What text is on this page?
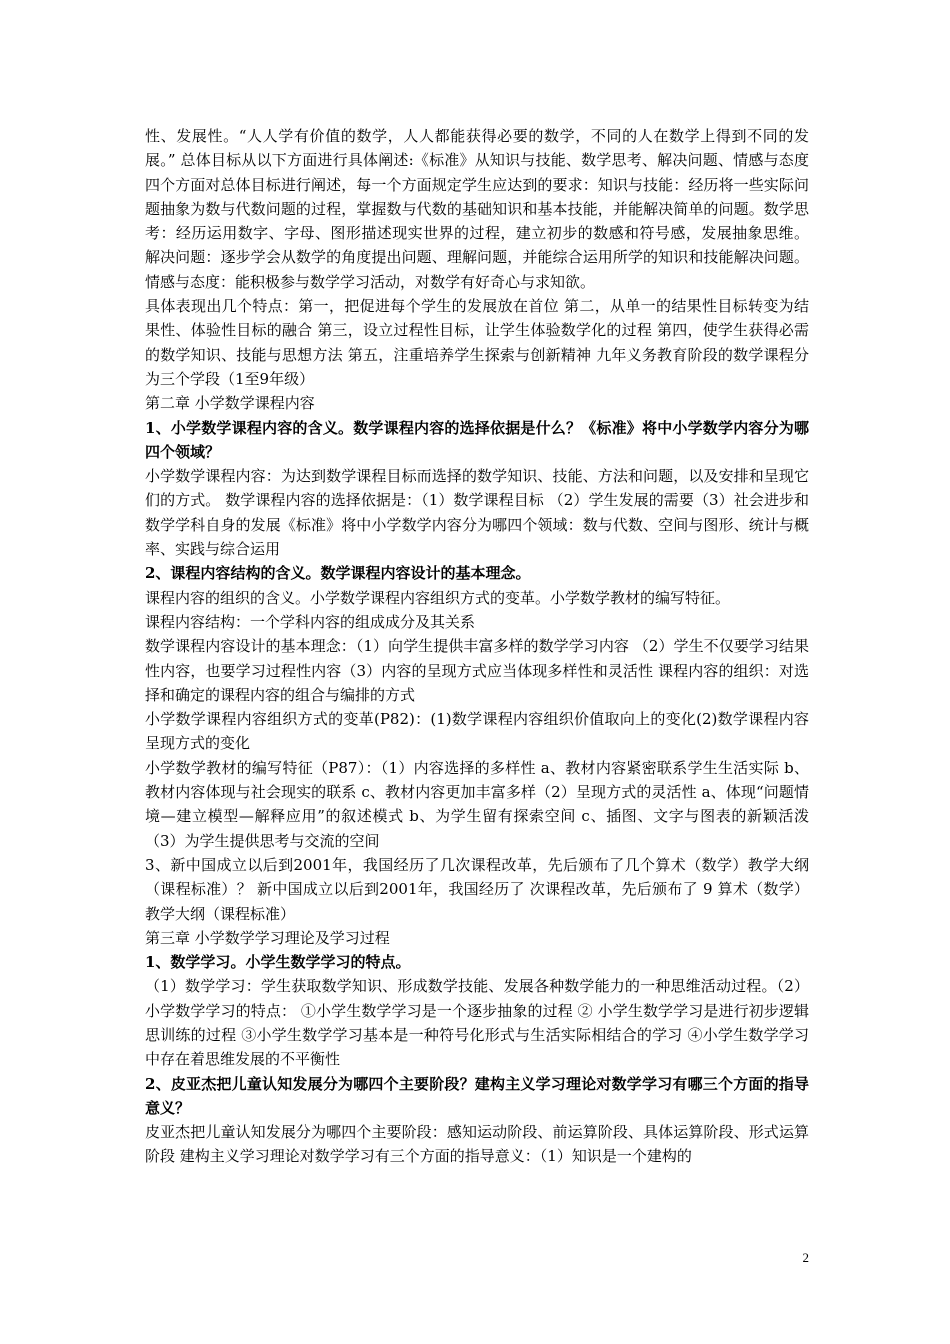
性、发展性。“人人学有价值的数学，人人都能获得必要的数学，不同的人在数学上得到不同的发展。” 总体目标从以下方面进行具体阐述:《标准》从知识与技能、数学思考、解决问题、情感与态度四个方面对总体目标进行阐述，每一个方面规定学生应达到的要求：知识与技能：经历将一些实际问题抽象为数与代数问题的过程，掌握数与代数的基础知识和基本技能，并能解决简单的问题。数学思考：经历运用数字、字母、图形描述现实世界的过程，建立初步的数感和符号感，发展抽象思维。 解决问题：逐步学会从数学的角度提出问题、理解问题，并能综合运用所学的知识和技能解决问题。 情感与态度：能积极参与数学学习活动，对数学有好奇心与求知欲。

具体表现出几个特点：第一，把促进每个学生的发展放在首位 第二，从单一的结果性目标转变为结果性、体验性目标的融合 第三，设立过程性目标，让学生体验数学化的过程 第四，使学生获得必需的数学知识、技能与思想方法 第五，注重培养学生探索与创新精神 九年义务教育阶段的数学课程分为三个学段（1至9年级）

第二章 小学数学课程内容

1、小学数学课程内容的含义。数学课程内容的选择依据是什么？《标准》将中小学数学内容分为哪四个领域？

小学数学课程内容：为达到数学课程目标而选择的数学知识、技能、方法和问题，以及安排和呈现它们的方式。 数学课程内容的选择依据是：（1）数学课程目标 （2）学生发展的需要（3）社会进步和数学学科自身的发展《标准》将中小学数学内容分为哪四个领域：数与代数、空间与图形、统计与概率、实践与综合运用

2、课程内容结构的含义。数学课程内容设计的基本理念。

课程内容的组织的含义。小学数学课程内容组织方式的变革。小学数学教材的编写特征。

课程内容结构：一个学科内容的组成成分及其关系

数学课程内容设计的基本理念：（1）向学生提供丰富多样的数学学习内容 （2）学生不仅要学习结果性内容，也要学习过程性内容（3）内容的呈现方式应当体现多样性和灵活性 课程内容的组织：对选择和确定的课程内容的组合与编排的方式

小学数学课程内容组织方式的变革(P82)：(1)数学课程内容组织价值取向上的变化(2)数学课程内容呈现方式的变化

小学数学教材的编写特征（P87）：（1）内容选择的多样性 a、教材内容紧密联系学生生活实际 b、教材内容体现与社会现实的联系 c、教材内容更加丰富多样（2）呈现方式的灵活性 a、体现“问题情境—建立模型—解释应用”的叙述模式 b、为学生留有探索空间 c、插图、文字与图表的新颖活泼 （3）为学生提供思考与交流的空间

3、新中国成立以后到2001年，我国经历了几次课程改革，先后颁布了几个算术（数学）教学大纲（课程标准）？ 新中国成立以后到2001年，我国经历了 次课程改革，先后颁布了 9 算术（数学）教学大纲（课程标准）

第三章 小学数学学习理论及学习过程

1、数学学习。小学生数学学习的特点。

（1）数学学习：学生获取数学知识、形成数学技能、发展各种数学能力的一种思维活动过程。（2）小学数学学习的特点： ①小学生数学学习是一个逐步抽象的过程 ② 小学生数学学习是进行初步逻辑思训练的过程 ③小学生数学学习基本是一种符号化形式与生活实际相结合的学习 ④小学生数学学习中存在着思维发展的不平衡性

2、皮亚杰把儿童认知发展分为哪四个主要阶段？建构主义学习理论对数学学习有哪三个方面的指导意义？

皮亚杰把儿童认知发展分为哪四个主要阶段：感知运动阶段、前运算阶段、具体运算阶段、形式运算阶段 建构主义学习理论对数学学习有三个方面的指导意义：（1）知识是一个建构的

2
